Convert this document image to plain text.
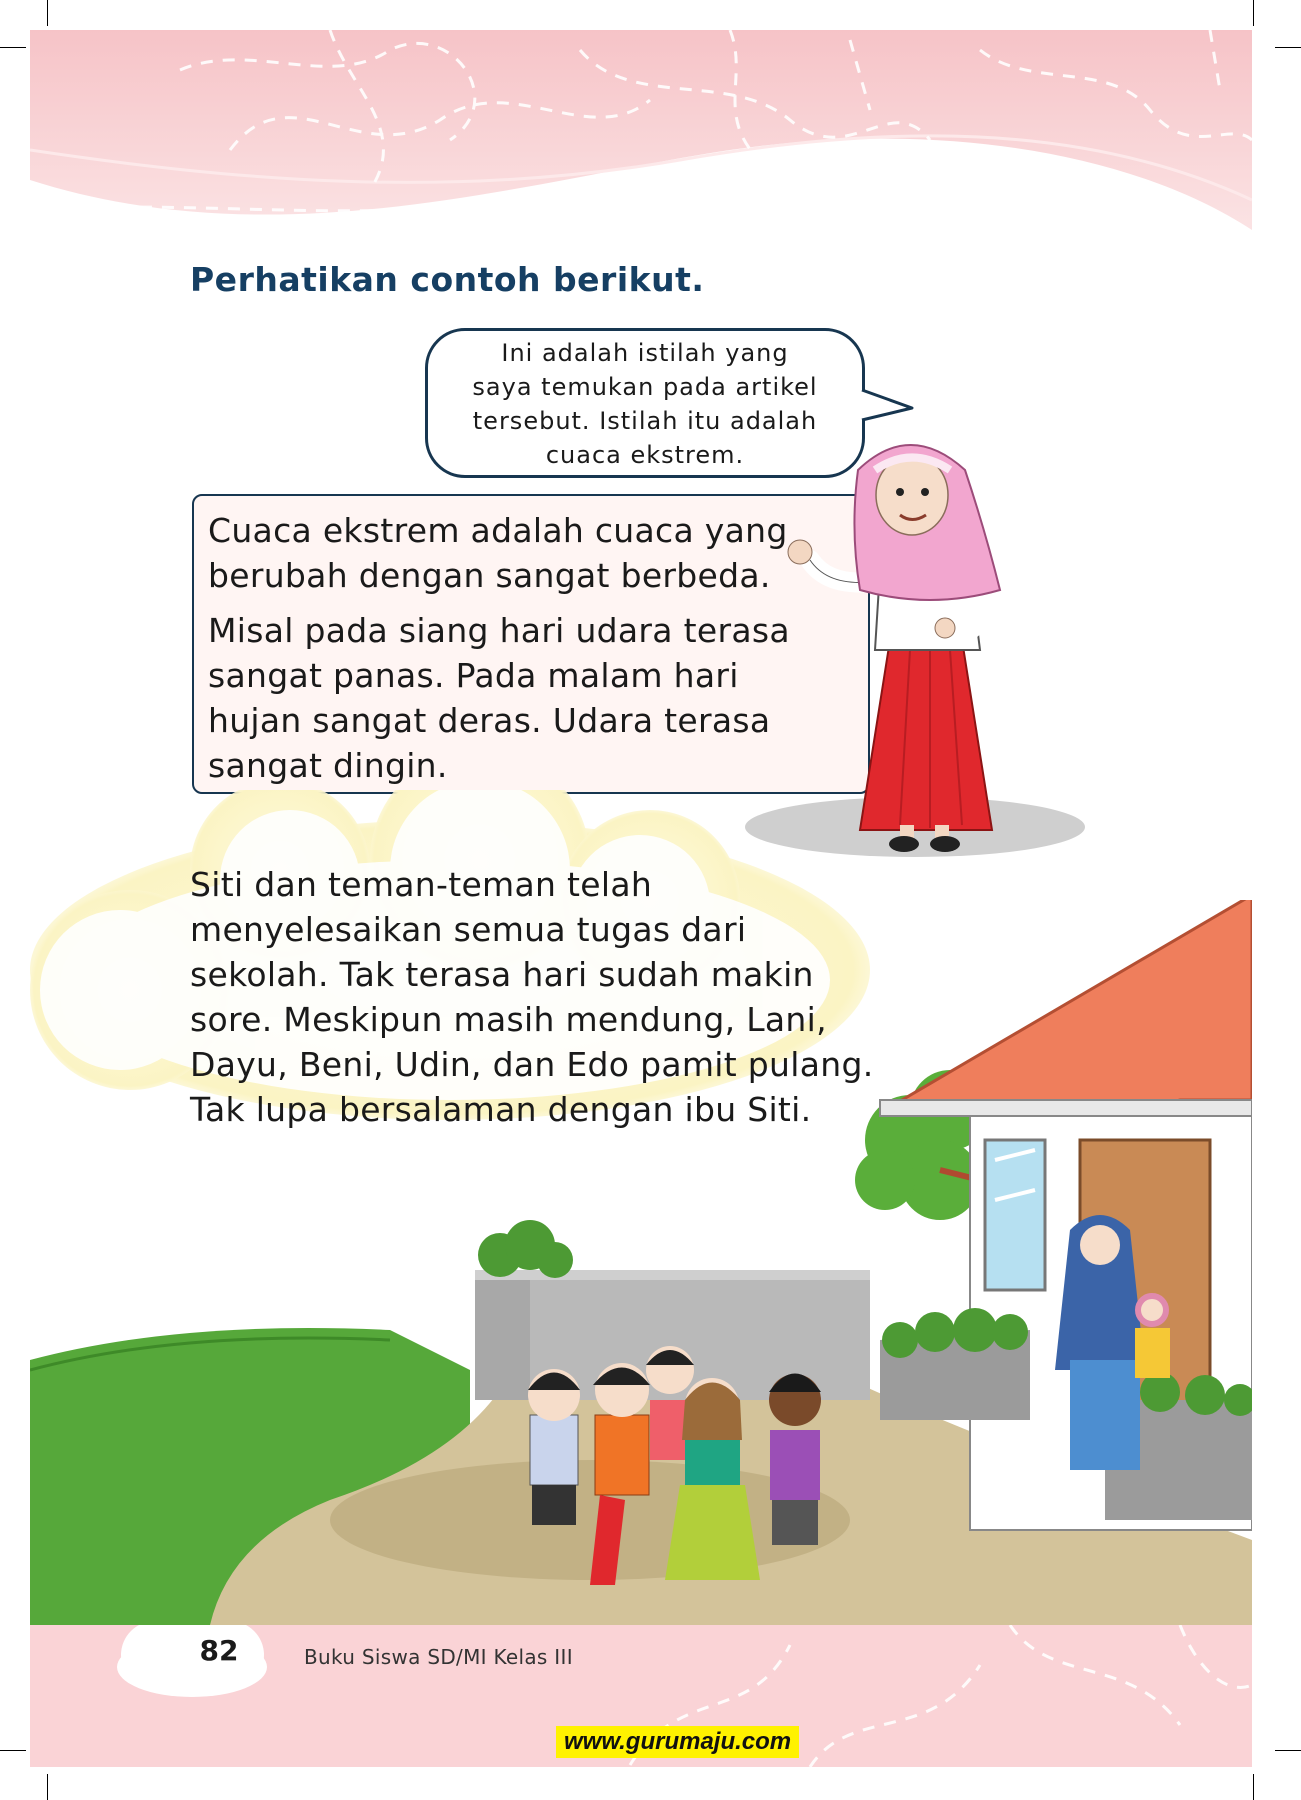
Perhatikan contoh berikut.
Ini adalah istilah yang
saya temukan pada artikel
tersebut. Istilah itu adalah
cuaca ekstrem.
Cuaca ekstrem adalah cuaca yang
berubah dengan sangat berbeda.
Misal pada siang hari udara terasa
sangat panas. Pada malam hari
hujan sangat deras. Udara terasa
sangat dingin.
Siti dan teman-teman telah
menyelesaikan semua tugas dari
sekolah. Tak terasa hari sudah makin
sore. Meskipun masih mendung, Lani,
Dayu, Beni, Udin, dan Edo pamit pulang.
Tak lupa bersalaman dengan ibu Siti.

82	Buku Siswa SD/MI Kelas III

www.gurumaju.com
